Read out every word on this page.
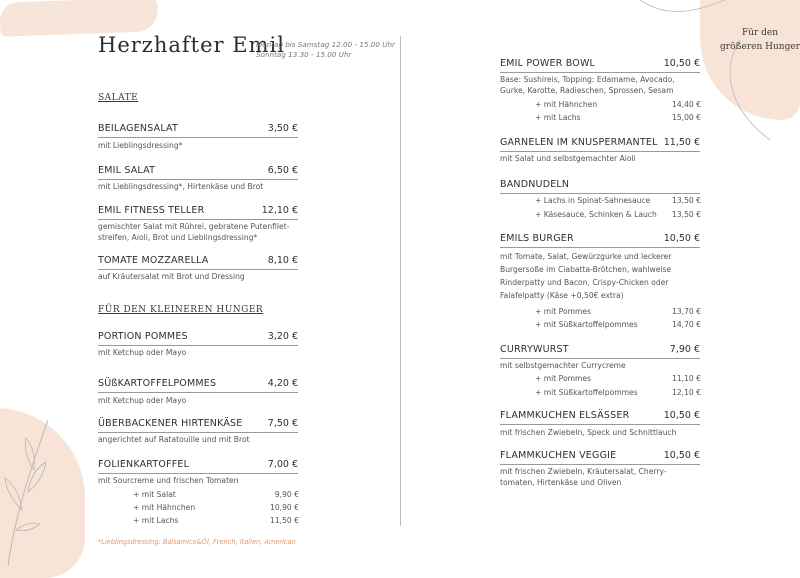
Herzhafter Emil
Montag bis Samstag 12.00 - 15.00 Uhr
Sonntag 13.30 - 15.00 Uhr
Für den
größeren Hunger
SALATE
BEILAGENSALAT	3,50 €
mit Lieblingsdressing*
EMIL SALAT	6,50 €
mit Lieblingsdressing*, Hirtenkäse und Brot
EMIL FITNESS TELLER	12,10 €
gemischter Salat mit Rührei, gebratene Putenfilet-
streifen, Aioli, Brot und Lieblingsdressing*
TOMATE MOZZARELLA	8,10 €
auf Kräutersalat mit Brot und Dressing
FÜR DEN KLEINEREN HUNGER
PORTION POMMES	3,20 €
mit Ketchup oder Mayo
SÜßKARTOFFELPOMMES	4,20 €
mit Ketchup oder Mayo
ÜBERBACKENER HIRTENKÄSE	7,50 €
angerichtet auf Ratatouille und mit Brot
FOLIENKARTOFFEL	7,00 €
mit Sourcreme und frischen Tomaten
+ mit Salat	9,90 €
+ mit Hähnchen	10,90 €
+ mit Lachs	11,50 €
*Lieblingsdressing: Balsamico&Öl, French, Italien, American
EMIL POWER BOWL	10,50 €
Base: Sushireis, Topping: Edamame, Avocado,
Gurke, Karotte, Radieschen, Sprossen, Sesam
+ mit Hähnchen	14,40 €
+ mit Lachs	15,00 €
GARNELEN IM KNUSPERMANTEL 11,50 €
mit Salat und selbstgemachter Aioli
BANDNUDELN
+ Lachs in Spinat-Sahnesauce	13,50 €
+ Käsesauce, Schinken & Lauch	13,50 €
EMILS BURGER	10,50 €
mit Tomate, Salat, Gewürzgurke und leckerer
Burgersoße im Ciabatta-Brötchen, wahlweise
Rinderpatty und Bacon, Crispy-Chicken oder
Falafelpatty (Käse +0,50€ extra)
+ mit Pommes	13,70 €
+ mit Süßkartoffelpommes	14,70 €
CURRYWURST	7,90 €
mit selbstgemachter Currycreme
+ mit Pommes	11,10 €
+ mit Süßkartoffelpommes	12,10 €
FLAMMKUCHEN ELSÄSSER	10,50 €
mit frischen Zwiebeln, Speck und Schnittlauch
FLAMMKUCHEN VEGGIE	10,50 €
mit frischen Zwiebeln, Kräutersalat, Cherry-
tomaten, Hirtenkäse und Oliven
